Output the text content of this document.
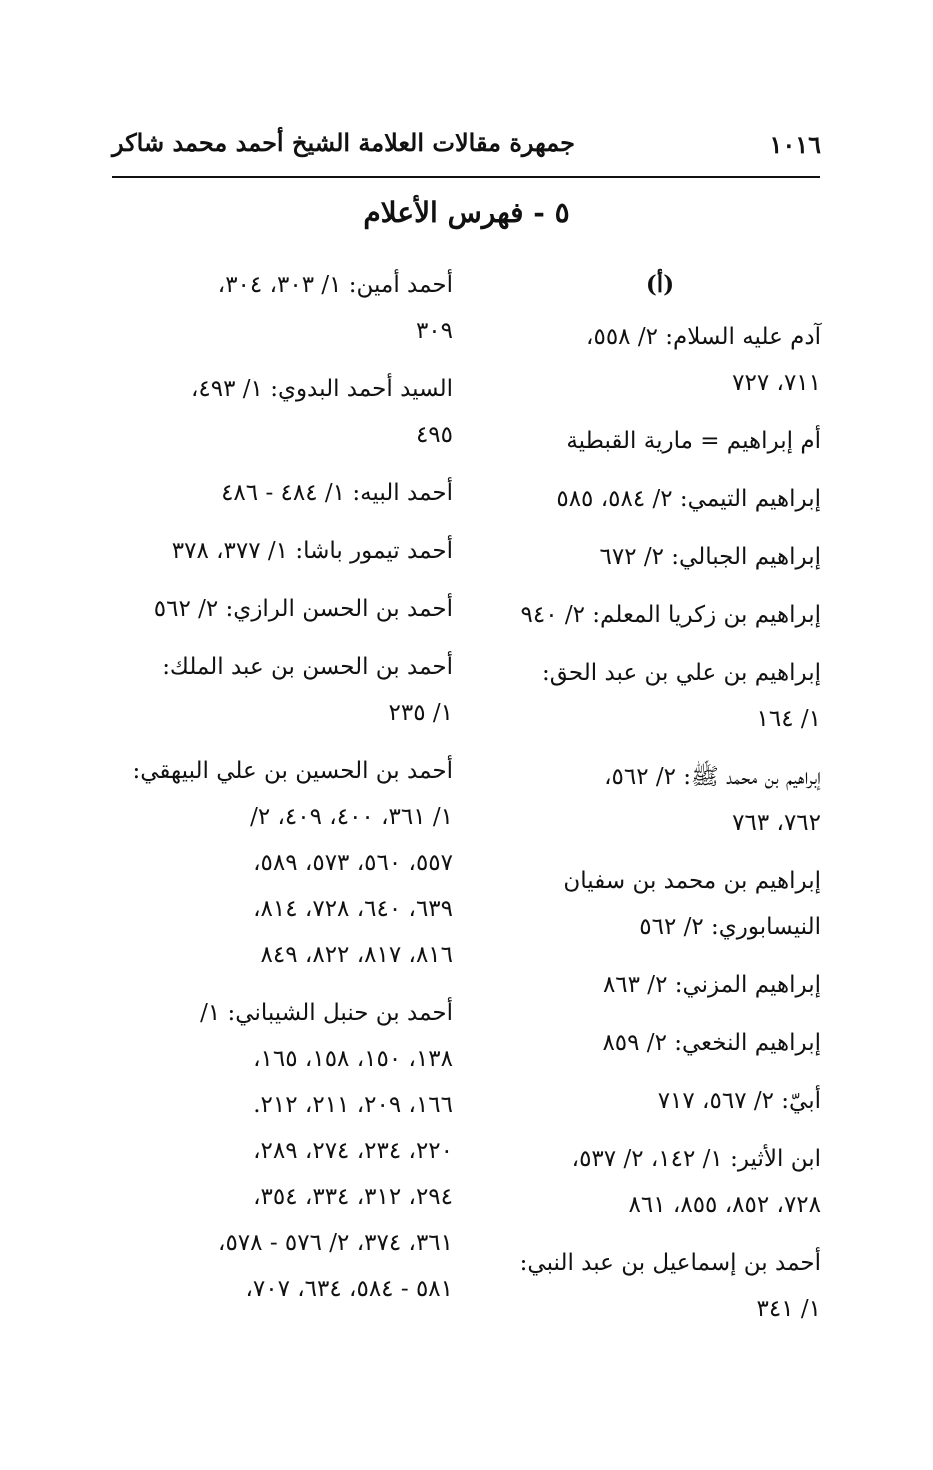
جمهرة مقالات العلامة الشيخ أحمد محمد شاكر	١٠١٦
٥ - فهرس الأعلام
(أ)
آدم عليه السلام: ٢/ ٥٥٨،
٧١١، ٧٢٧
أم إبراهيم = مارية القبطية
إبراهيم التيمي: ٢/ ٥٨٤، ٥٨٥
إبراهيم الجبالي: ٢/ ٦٧٢
إبراهيم بن زكريا المعلم: ٢/ ٩٤٠
إبراهيم بن علي بن عبد الحق:
١/ ١٦٤
إبراهيم بن محمد ﷺ: ٢/ ٥٦٢،
٧٦٢، ٧٦٣
إبراهيم بن محمد بن سفيان
النيسابوري: ٢/ ٥٦٢
إبراهيم المزني: ٢/ ٨٦٣
إبراهيم النخعي: ٢/ ٨٥٩
أبيّ: ٢/ ٥٦٧، ٧١٧
ابن الأثير: ١/ ١٤٢، ٢/ ٥٣٧،
٧٢٨، ٨٥٢، ٨٥٥، ٨٦١
أحمد بن إسماعيل بن عبد النبي:
١/ ٣٤١
أحمد أمين: ١/ ٣٠٣، ٣٠٤،
٣٠٩
السيد أحمد البدوي: ١/ ٤٩٣،
٤٩٥
أحمد البيه: ١/ ٤٨٤ - ٤٨٦
أحمد تيمور باشا: ١/ ٣٧٧، ٣٧٨
أحمد بن الحسن الرازي: ٢/ ٥٦٢
أحمد بن الحسن بن عبد الملك:
١/ ٢٣٥
أحمد بن الحسين بن علي البيهقي:
١/ ٣٦١، ٤٠٠، ٤٠٩، ٢/
٥٥٧، ٥٦٠، ٥٧٣، ٥٨٩،
٦٣٩، ٦٤٠، ٧٢٨، ٨١٤،
٨١٦، ٨١٧، ٨٢٢، ٨٤٩
أحمد بن حنبل الشيباني: ١/
١٣٨، ١٥٠، ١٥٨، ١٦٥،
١٦٦، ٢٠٩، ٢١١، ٢١٢.
٢٢٠، ٢٣٤، ٢٧٤، ٢٨٩،
٢٩٤، ٣١٢، ٣٣٤، ٣٥٤،
٣٦١، ٣٧٤، ٢/ ٥٧٦ - ٥٧٨،
٥٨١ - ٥٨٤، ٦٣٤، ٧٠٧،
